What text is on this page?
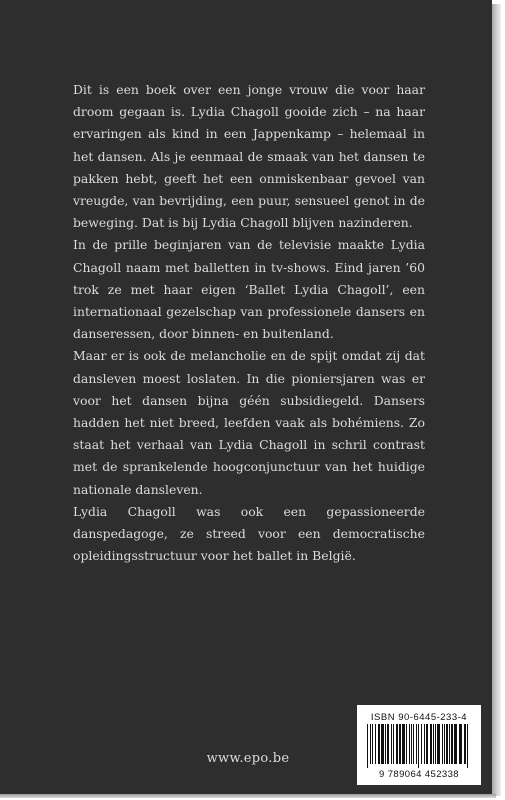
Dit is een boek over een jonge vrouw die voor haar droom gegaan is. Lydia Chagoll gooide zich – na haar ervaringen als kind in een Jappenkamp – helemaal in het dansen. Als je eenmaal de smaak van het dansen te pakken hebt, geeft het een onmiskenbaar gevoel van vreugde, van bevrijding, een puur, sensueel genot in de beweging. Dat is bij Lydia Chagoll blijven nazinderen.

In de prille beginjaren van de televisie maakte Lydia Chagoll naam met balletten in tv-shows. Eind jaren ’60 trok ze met haar eigen ‘Ballet Lydia Chagoll’, een internationaal gezelschap van professionele dansers en danseressen, door binnen- en buitenland.

Maar er is ook de melancholie en de spijt omdat zij dat dansleven moest loslaten. In die pioniersjaren was er voor het dansen bijna géén subsidiegeld. Dansers hadden het niet breed, leefden vaak als bohémiens. Zo staat het verhaal van Lydia Chagoll in schril contrast met de sprankelende hoogconjunctuur van het huidige nationale dansleven.

Lydia Chagoll was ook een gepassioneerde danspedagoge, ze streed voor een democratische opleidingsstructuur voor het ballet in België.

ISBN 90-6445-233-4
9 789064 452338
www.epo.be
